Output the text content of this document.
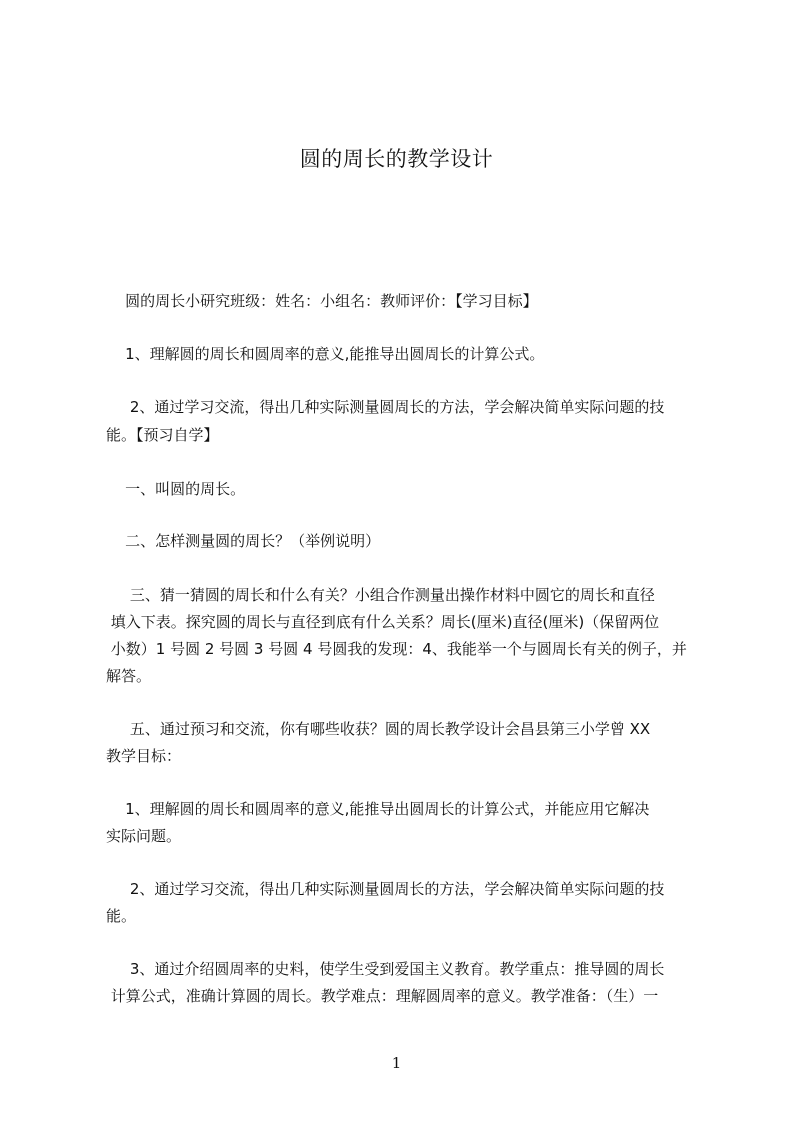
圆的周长的教学设计
圆的周长小研究班级：姓名：小组名：教师评价：【学习目标】
1、理解圆的周长和圆周率的意义,能推导出圆周长的计算公式。
2、通过学习交流，得出几种实际测量圆周长的方法，学会解决简单实际问题的技
能。【预习自学】
一、叫圆的周长。
二、怎样测量圆的周长？（举例说明）
三、猜一猜圆的周长和什么有关？小组合作测量出操作材料中圆它的周长和直径
填入下表。探究圆的周长与直径到底有什么关系？周长(厘米)直径(厘米)（保留两位
小数）1 号圆 2 号圆 3 号圆 4 号圆我的发现：4、我能举一个与圆周长有关的例子，并
解答。
五、通过预习和交流，你有哪些收获？圆的周长教学设计会昌县第三小学曾 XX
教学目标：
1、理解圆的周长和圆周率的意义,能推导出圆周长的计算公式，并能应用它解决
实际问题。
2、通过学习交流，得出几种实际测量圆周长的方法，学会解决简单实际问题的技
能。
3、通过介绍圆周率的史料，使学生受到爱国主义教育。教学重点：推导圆的周长
计算公式，准确计算圆的周长。教学难点：理解圆周率的意义。教学准备：（生）一
1
